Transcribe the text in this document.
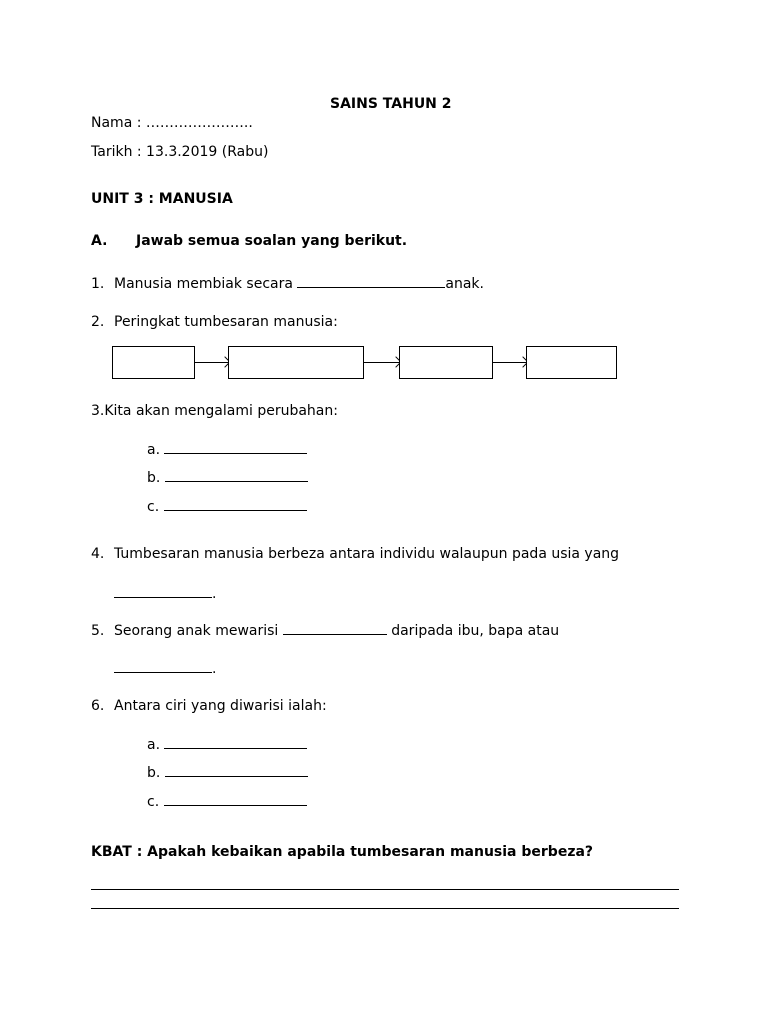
SAINS TAHUN 2
Nama : …………………..
Tarikh : 13.3.2019 (Rabu)
UNIT 3 : MANUSIA
A. Jawab semua soalan yang berikut.
1. Manusia membiak secara	anak.
2. Peringkat tumbesaran manusia:
3.Kita akan mengalami perubahan:
a.
b.
c.
4. Tumbesaran manusia berbeza antara individu walaupun pada usia yang
.
5. Seorang anak mewarisi	daripada ibu, bapa atau
.
6. Antara ciri yang diwarisi ialah:
a.
b.
c.
KBAT : Apakah kebaikan apabila tumbesaran manusia berbeza?
